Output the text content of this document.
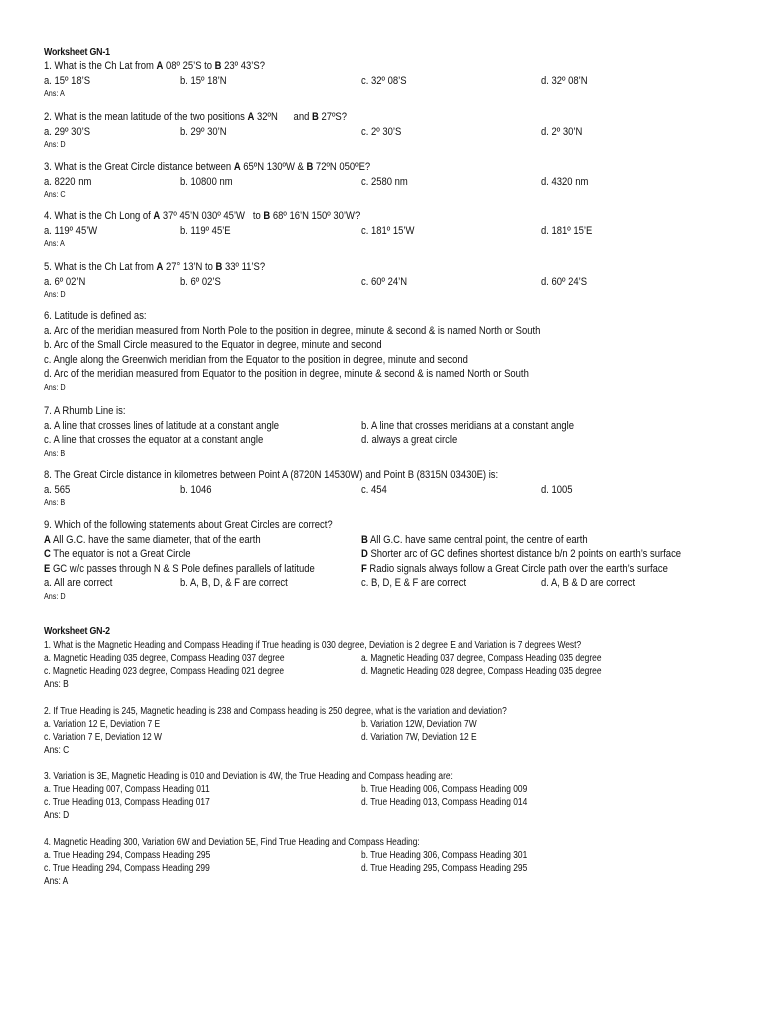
Worksheet GN-1
1. What is the Ch Lat from A 08º 25’S to B 23º 43’S?
a. 15º 18’S	b. 15º 18’N	c. 32º 08’S	d. 32º 08’N
Ans: A
2. What is the mean latitude of the two positions A 32ºN      and B 27ºS?
a. 29º 30’S	b. 29º 30’N	c. 2º 30’S	d. 2º 30’N
Ans: D
3. What is the Great Circle distance between A 65ºN 130ºW & B 72ºN 050ºE?
a. 8220 nm	b. 10800 nm	c. 2580 nm	d. 4320 nm
Ans: C
4. What is the Ch Long of A 37º 45’N 030º 45’W   to B 68º 16’N 150º 30’W?
a. 119º 45’W	b. 119º 45’E	c. 181º 15’W	d. 181º 15’E
Ans: A
5. What is the Ch Lat from A 27° 13’N to B 33º 11’S?
a. 6º 02’N	b. 6º 02’S	c. 60º 24’N	d. 60º 24’S
Ans: D
6. Latitude is defined as:
a. Arc of the meridian measured from North Pole to the position in degree, minute & second & is named North or South
b. Arc of the Small Circle measured to the Equator in degree, minute and second
c. Angle along the Greenwich meridian from the Equator to the position in degree, minute and second
d. Arc of the meridian measured from Equator to the position in degree, minute & second & is named North or South
Ans: D
7. A Rhumb Line is:
a. A line that crosses lines of latitude at a constant angle	b. A line that crosses meridians at a constant angle
c. A line that crosses the equator at a constant angle	d. always a great circle
Ans: B
8. The Great Circle distance in kilometres between Point A (8720N 14530W) and Point B (8315N 03430E) is:
a. 565	b. 1046	c. 454	d. 1005
Ans: B
9. Which of the following statements about Great Circles are correct?
A All G.C. have the same diameter, that of the earth	B All G.C. have same central point, the centre of earth
C The equator is not a Great Circle	D Shorter arc of GC defines shortest distance b/n 2 points on earth’s surface
E GC w/c passes through N & S Pole defines parallels of latitude	F Radio signals always follow a Great Circle path over the earth’s surface
a. All are correct	b. A, B, D, & F are correct	c. B, D, E & F are correct	d. A, B & D are correct
Ans: D
Worksheet GN-2
1. What is the Magnetic Heading and Compass Heading if True heading is 030 degree, Deviation is 2 degree E and Variation is 7 degrees West?
a. Magnetic Heading 035 degree, Compass Heading 037 degree	a. Magnetic Heading 037 degree, Compass Heading 035 degree
c. Magnetic Heading 023 degree, Compass Heading 021 degree	d. Magnetic Heading 028 degree, Compass Heading 035 degree
Ans: B
2. If True Heading is 245, Magnetic heading is 238 and Compass heading is 250 degree, what is the variation and deviation?
a. Variation 12 E, Deviation 7 E	b. Variation 12W, Deviation 7W
c. Variation 7 E, Deviation 12 W	d. Variation 7W, Deviation 12 E
Ans: C
3. Variation is 3E, Magnetic Heading is 010 and Deviation is 4W, the True Heading and Compass heading are:
a. True Heading 007, Compass Heading 011	b. True Heading 006, Compass Heading 009
c. True Heading 013, Compass Heading 017	d. True Heading 013, Compass Heading 014
Ans: D
4. Magnetic Heading 300, Variation 6W and Deviation 5E, Find True Heading and Compass Heading:
a. True Heading 294, Compass Heading 295	b. True Heading 306, Compass Heading 301
c. True Heading 294, Compass Heading 299	d. True Heading 295, Compass Heading 295
Ans: A
